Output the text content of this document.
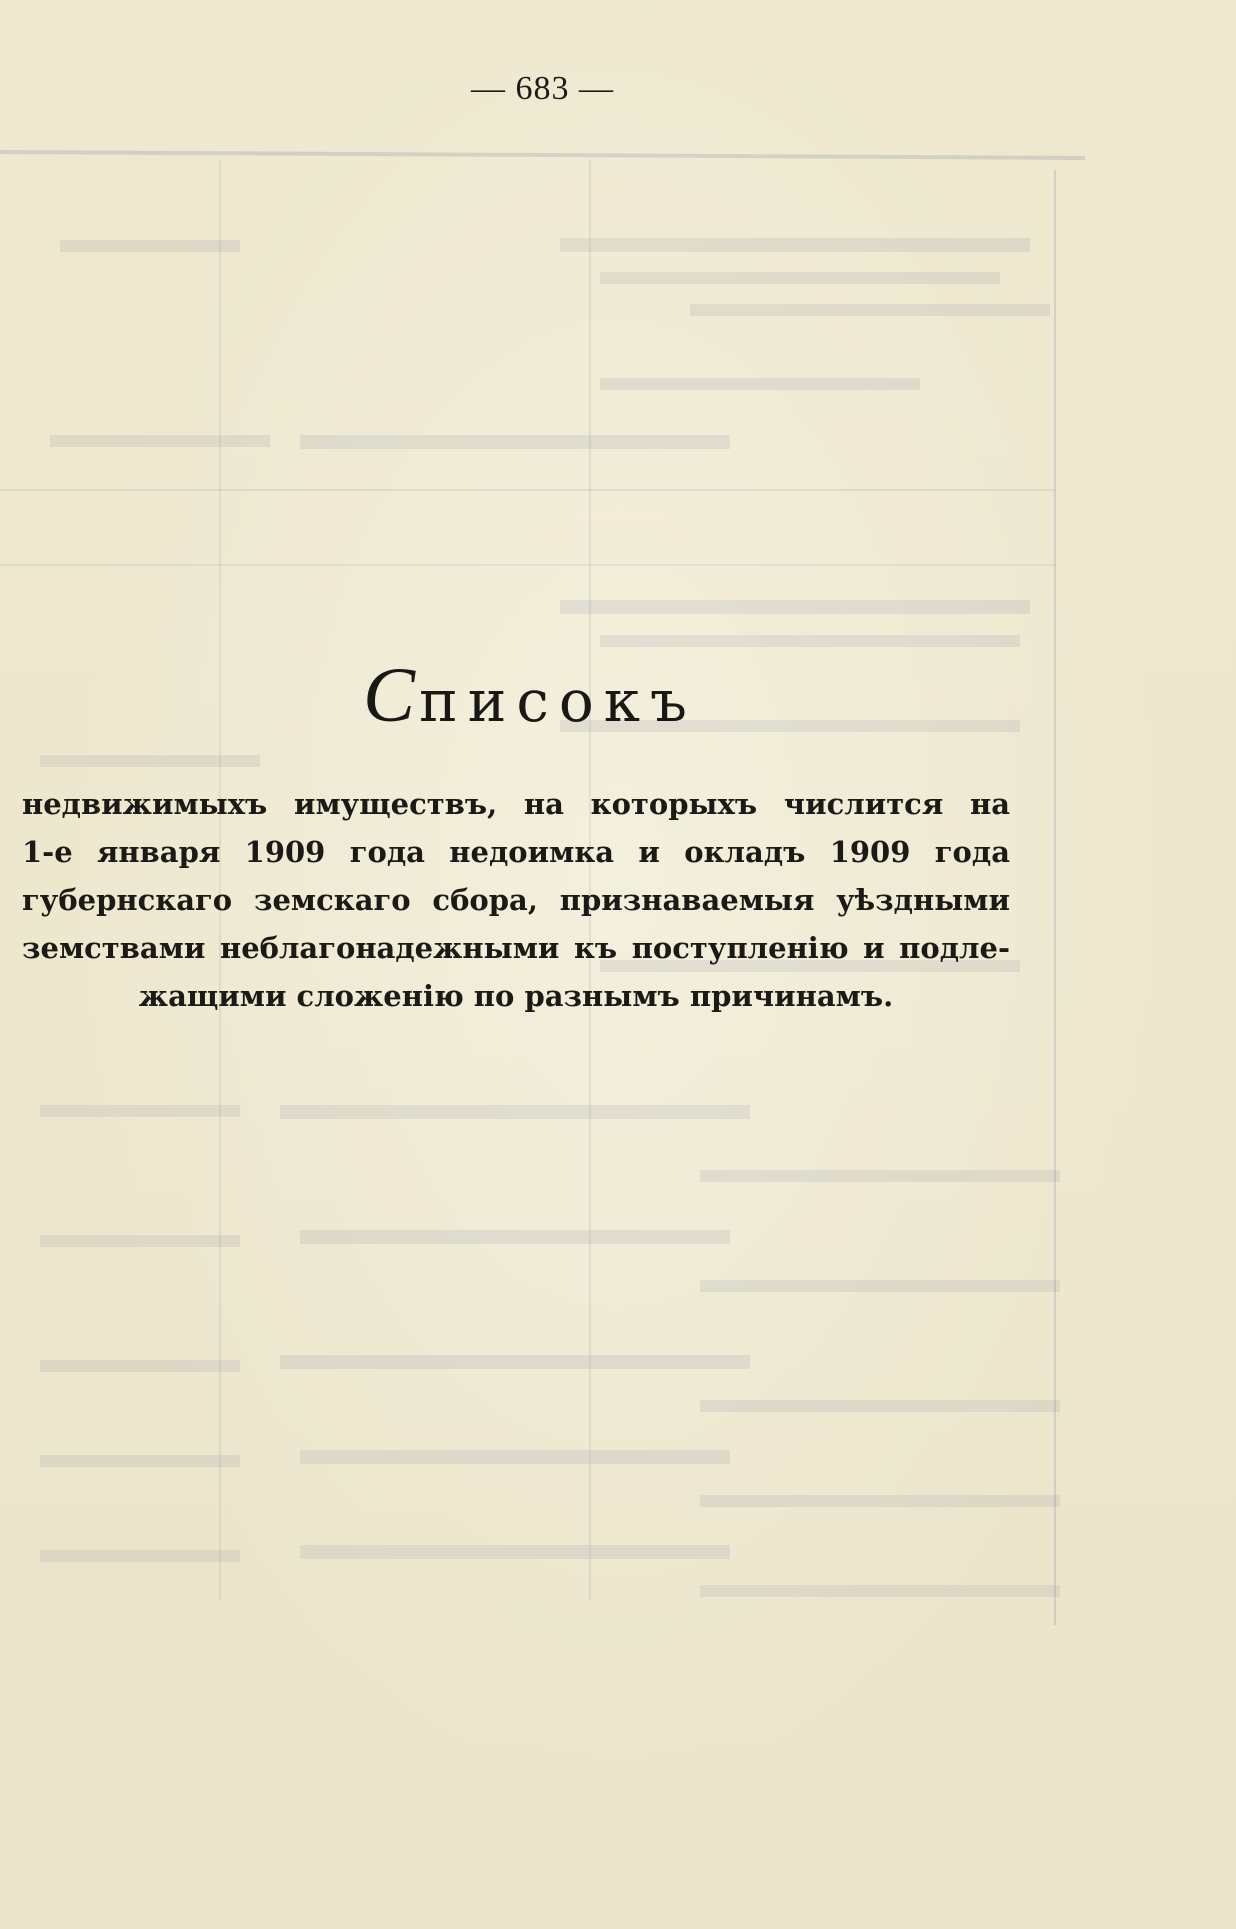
— 683 —
Списокъ
недвижимыхъ имуществъ, на которыхъ числится на
1-е января 1909 года недоимка и окладъ 1909 года
губернскаго земскаго сбора, признаваемыя уѣздными
земствами неблагонадежными къ поступленію и подле-
жащими сложенію по разнымъ причинамъ.
